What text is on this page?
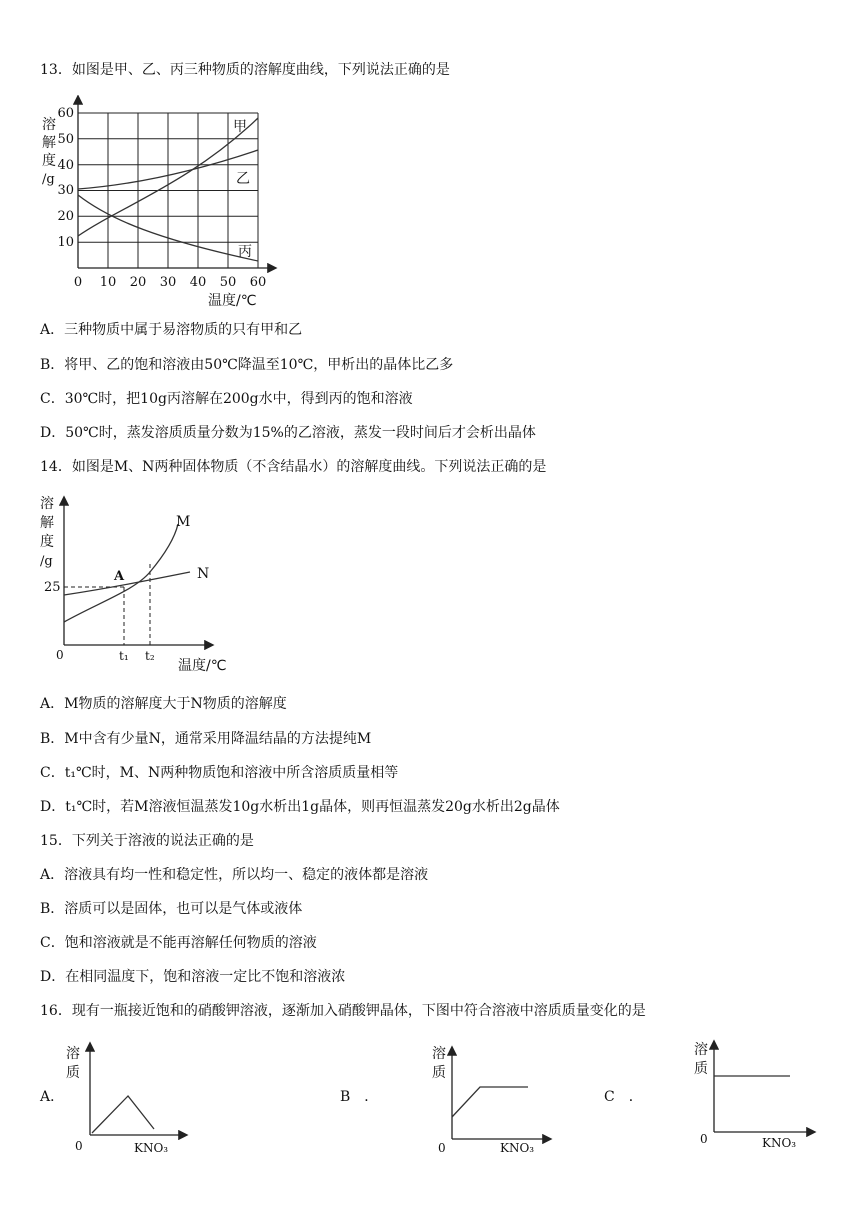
13．如图是甲、乙、丙三种物质的溶解度曲线，下列说法正确的是
10
20
30
40
50
60
0 10 20 30 40 50 60
溶
解
度
/g
温度/℃
甲
乙
丙
A．三种物质中属于易溶物质的只有甲和乙
B．将甲、乙的饱和溶液由50℃降温至10℃，甲析出的晶体比乙多
C．30℃时，把10g丙溶解在200g水中，得到丙的饱和溶液
D．50℃时，蒸发溶质质量分数为15%的乙溶液，蒸发一段时间后才会析出晶体
14．如图是M、N两种固体物质（不含结晶水）的溶解度曲线。下列说法正确的是
溶
解
度
/g
25
0
A
M
N
t₁ t₂
温度/℃
A．M物质的溶解度大于N物质的溶解度
B．M中含有少量N，通常采用降温结晶的方法提纯M
C．t₁℃时，M、N两种物质饱和溶液中所含溶质质量相等
D．t₁℃时，若M溶液恒温蒸发10g水析出1g晶体，则再恒温蒸发20g水析出2g晶体
15．下列关于溶液的说法正确的是
A．溶液具有均一性和稳定性，所以均一、稳定的液体都是溶液
B．溶质可以是固体，也可以是气体或液体
C．饱和溶液就是不能再溶解任何物质的溶液
D．在相同温度下，饱和溶液一定比不饱和溶液浓
16．现有一瓶接近饱和的硝酸钾溶液，逐渐加入硝酸钾晶体，下图中符合溶液中溶质质量变化的是
A．	B　．	C　．
溶
质
0	KNO₃
溶
质
0	KNO₃
溶
质
0	KNO₃
